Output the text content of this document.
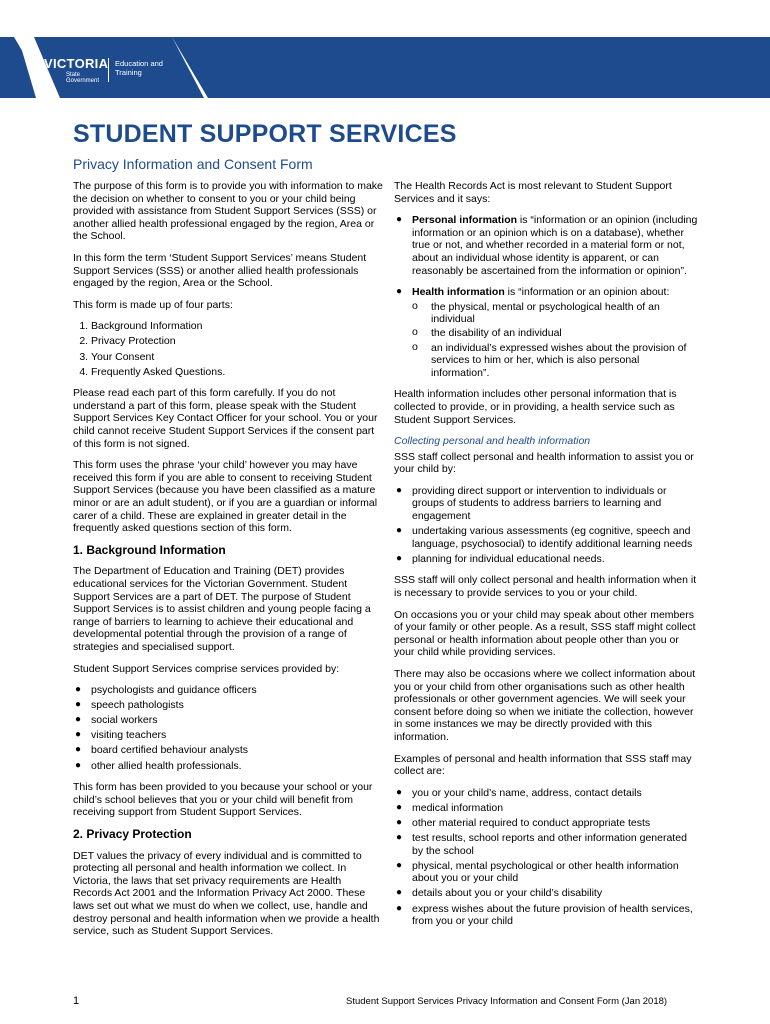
VICTORIA
State Government
Education and Training
STUDENT SUPPORT SERVICES
Privacy Information and Consent Form

The purpose of this form is to provide you with information to make the decision on whether to consent to you or your child being provided with assistance from Student Support Services (SSS) or another allied health professional engaged by the region, Area or the School.

In this form the term ‘Student Support Services’ means Student Support Services (SSS) or another allied health professionals engaged by the region, Area or the School.

This form is made up of four parts:

1. Background Information
2. Privacy Protection
3. Your Consent
4. Frequently Asked Questions.

Please read each part of this form carefully. If you do not understand a part of this form, please speak with the Student Support Services Key Contact Officer for your school. You or your child cannot receive Student Support Services if the consent part of this form is not signed.

This form uses the phrase ‘your child’ however you may have received this form if you are able to consent to receiving Student Support Services (because you have been classified as a mature minor or are an adult student), or if you are a guardian or informal carer of a child. These are explained in greater detail in the frequently asked questions section of this form.

1. Background Information

The Department of Education and Training (DET) provides educational services for the Victorian Government. Student Support Services are a part of DET. The purpose of Student Support Services is to assist children and young people facing a range of barriers to learning to achieve their educational and developmental potential through the provision of a range of strategies and specialised support.

Student Support Services comprise services provided by:

● psychologists and guidance officers
● speech pathologists
● social workers
● visiting teachers
● board certified behaviour analysts
● other allied health professionals.

This form has been provided to you because your school or your child’s school believes that you or your child will benefit from receiving support from Student Support Services.

2. Privacy Protection

DET values the privacy of every individual and is committed to protecting all personal and health information we collect. In Victoria, the laws that set privacy requirements are Health Records Act 2001 and the Information Privacy Act 2000. These laws set out what we must do when we collect, use, handle and destroy personal and health information when we provide a health service, such as Student Support Services.

The Health Records Act is most relevant to Student Support Services and it says:

● Personal information is “information or an opinion (including information or an opinion which is on a database), whether true or not, and whether recorded in a material form or not, about an individual whose identity is apparent, or can reasonably be ascertained from the information or opinion”.
● Health information is “information or an opinion about:
o the physical, mental or psychological health of an individual
o the disability of an individual
o an individual’s expressed wishes about the provision of services to him or her, which is also personal information”.

Health information includes other personal information that is collected to provide, or in providing, a health service such as Student Support Services.

Collecting personal and health information

SSS staff collect personal and health information to assist you or your child by:

● providing direct support or intervention to individuals or groups of students to address barriers to learning and engagement
● undertaking various assessments (eg cognitive, speech and language, psychosocial) to identify additional learning needs
● planning for individual educational needs.

SSS staff will only collect personal and health information when it is necessary to provide services to you or your child.

On occasions you or your child may speak about other members of your family or other people. As a result, SSS staff might collect personal or health information about people other than you or your child while providing services.

There may also be occasions where we collect information about you or your child from other organisations such as other health professionals or other government agencies. We will seek your consent before doing so when we initiate the collection, however in some instances we may be directly provided with this information.

Examples of personal and health information that SSS staff may collect are:

● you or your child’s name, address, contact details
● medical information
● other material required to conduct appropriate tests
● test results, school reports and other information generated by the school
● physical, mental psychological or other health information about you or your child
● details about you or your child’s disability
● express wishes about the future provision of health services, from you or your child
1	Student Support Services Privacy Information and Consent Form (Jan 2018)
